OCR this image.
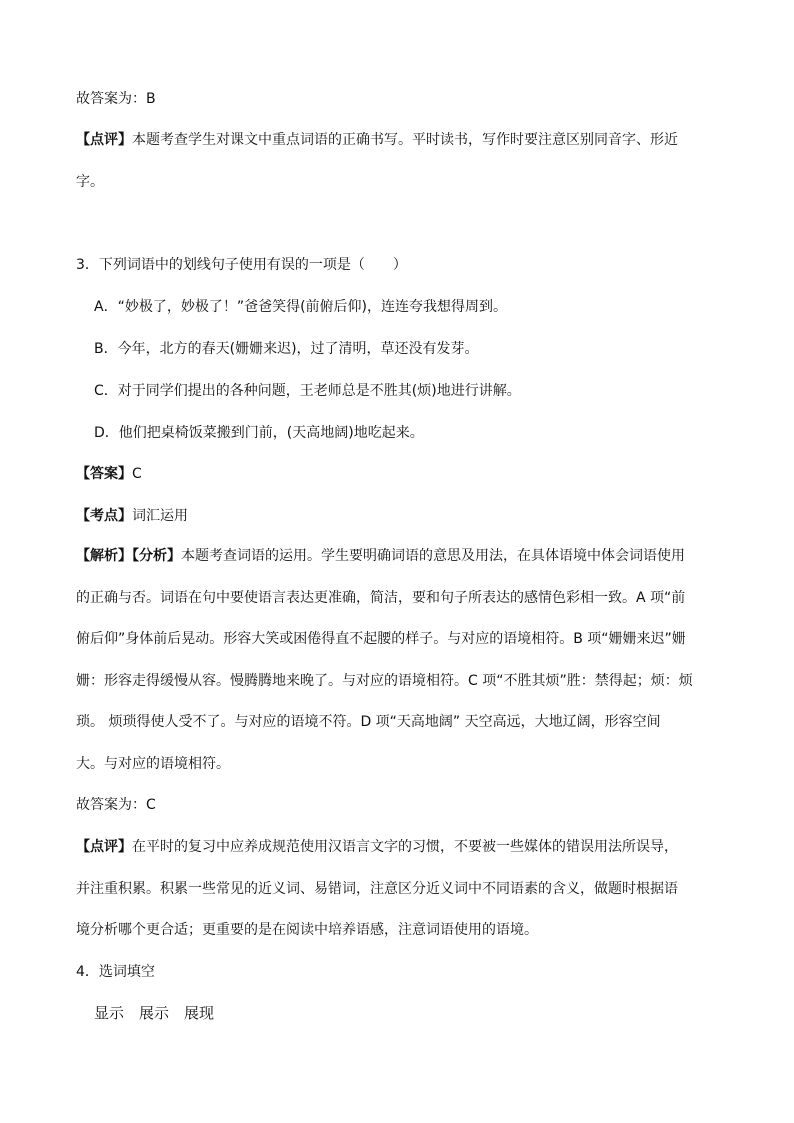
故答案为：B
【点评】本题考查学生对课文中重点词语的正确书写。平时读书，写作时要注意区别同音字、形近
字。
3．下列词语中的划线句子使用有误的一项是（　　）
A．“妙极了，妙极了！”爸爸笑得(前俯后仰)，连连夸我想得周到。
B．今年，北方的春天(姗姗来迟)，过了清明，草还没有发芽。
C．对于同学们提出的各种问题，王老师总是不胜其(烦)地进行讲解。
D．他们把桌椅饭菜搬到门前，(天高地阔)地吃起来。
【答案】C
【考点】词汇运用
【解析】【分析】本题考查词语的运用。学生要明确词语的意思及用法，在具体语境中体会词语使用
的正确与否。词语在句中要使语言表达更准确，简洁，要和句子所表达的感情色彩相一致。A 项“前
俯后仰”身体前后晃动。形容大笑或困倦得直不起腰的样子。与对应的语境相符。B 项“姗姗来迟”姗
姗：形容走得缓慢从容。慢腾腾地来晚了。与对应的语境相符。C 项“不胜其烦”胜：禁得起；烦：烦
琐。 烦琐得使人受不了。与对应的语境不符。D 项“天高地阔” 天空高远，大地辽阔，形容空间
大。与对应的语境相符。
故答案为：C
【点评】在平时的复习中应养成规范使用汉语言文字的习惯，不要被一些媒体的错误用法所误导，
并注重积累。积累一些常见的近义词、易错词，注意区分近义词中不同语素的含义，做题时根据语
境分析哪个更合适；更重要的是在阅读中培养语感，注意词语使用的语境。
4．选词填空
显示　展示　展现
